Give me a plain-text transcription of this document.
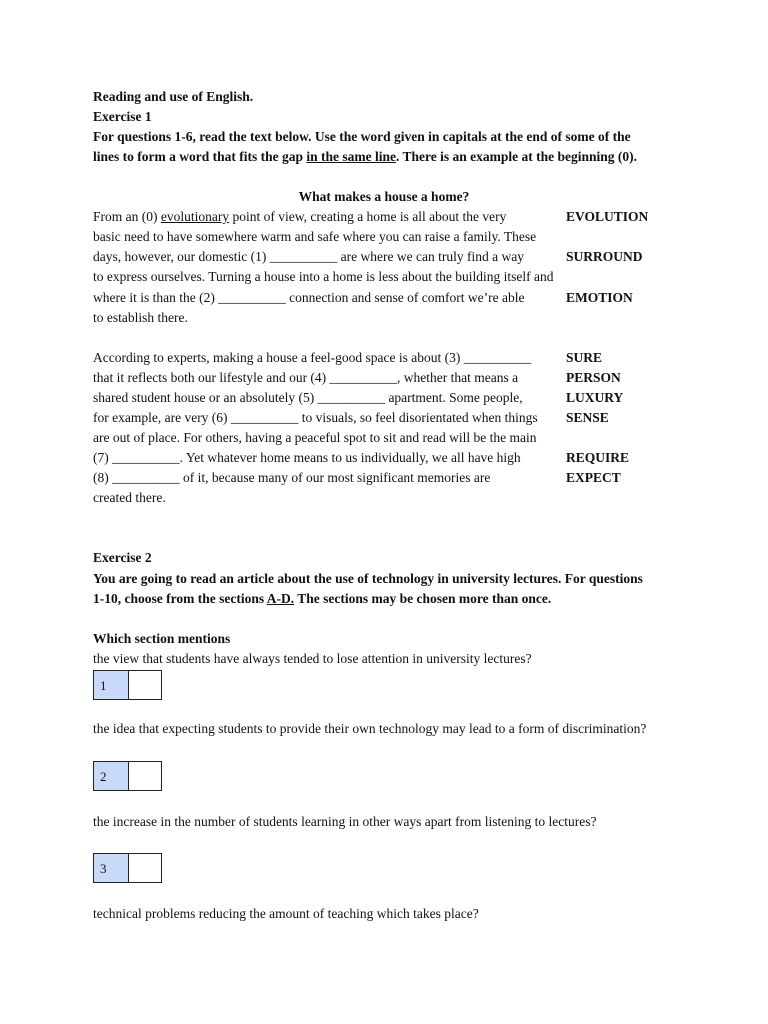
Reading and use of English.
Exercise 1
For questions 1-6, read the text below. Use the word given in capitals at the end of some of the
lines to form a word that fits the gap in the same line. There is an example at the beginning (0).
What makes a house a home?
From an (0) evolutionary point of view, creating a home is all about the very
basic need to have somewhere warm and safe where you can raise a family. These
days, however, our domestic (1) __________ are where we can truly find a way
to express ourselves. Turning a house into a home is less about the building itself and
where it is than the (2) __________ connection and sense of comfort we’re able
to establish there.
According to experts, making a house a feel-good space is about (3) __________
that it reflects both our lifestyle and our (4) __________, whether that means a
shared student house or an absolutely (5) __________ apartment. Some people,
for example, are very (6) __________ to visuals, so feel disorientated when things
are out of place. For others, having a peaceful spot to sit and read will be the main
(7) __________. Yet whatever home means to us individually, we all have high
(8) __________ of it, because many of our most significant memories are
created there.
EVOLUTION
SURROUND
EMOTION
SURE
PERSON
LUXURY
SENSE
REQUIRE
EXPECT
Exercise 2
You are going to read an article about the use of technology in university lectures. For questions
1-10, choose from the sections A-D. The sections may be chosen more than once.
Which section mentions
the view that students have always tended to lose attention in university lectures?
1
the idea that expecting students to provide their own technology may lead to a form of discrimination?
2
the increase in the number of students learning in other ways apart from listening to lectures?
3
technical problems reducing the amount of teaching which takes place?
